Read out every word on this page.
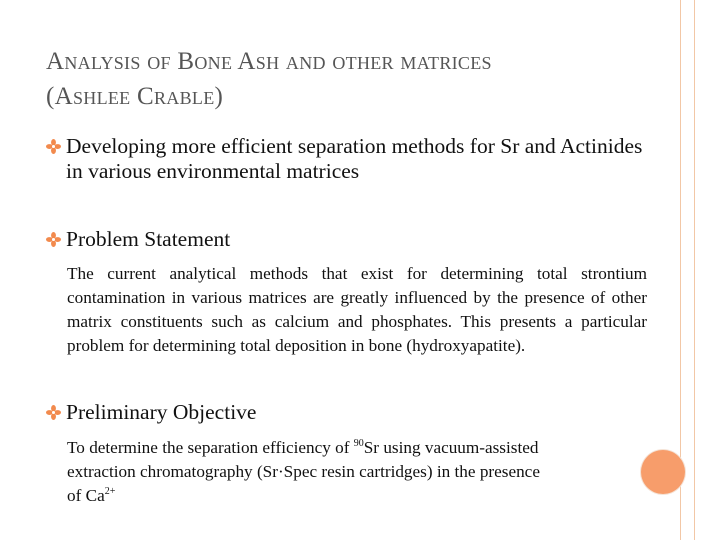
Analysis of Bone Ash and other matrices
(Ashlee Crable)
Developing more efficient separation methods for Sr and Actinides in various environmental matrices
Problem Statement
The current analytical methods that exist for determining total strontium contamination in various matrices are greatly influenced by the presence of other matrix constituents such as calcium and phosphates. This presents a particular problem for determining total deposition in bone (hydroxyapatite).
Preliminary Objective
To determine the separation efficiency of $^{90}$Sr using vacuum-assisted extraction chromatography (Sr·Spec resin cartridges) in the presence of $Ca^{2+}$
